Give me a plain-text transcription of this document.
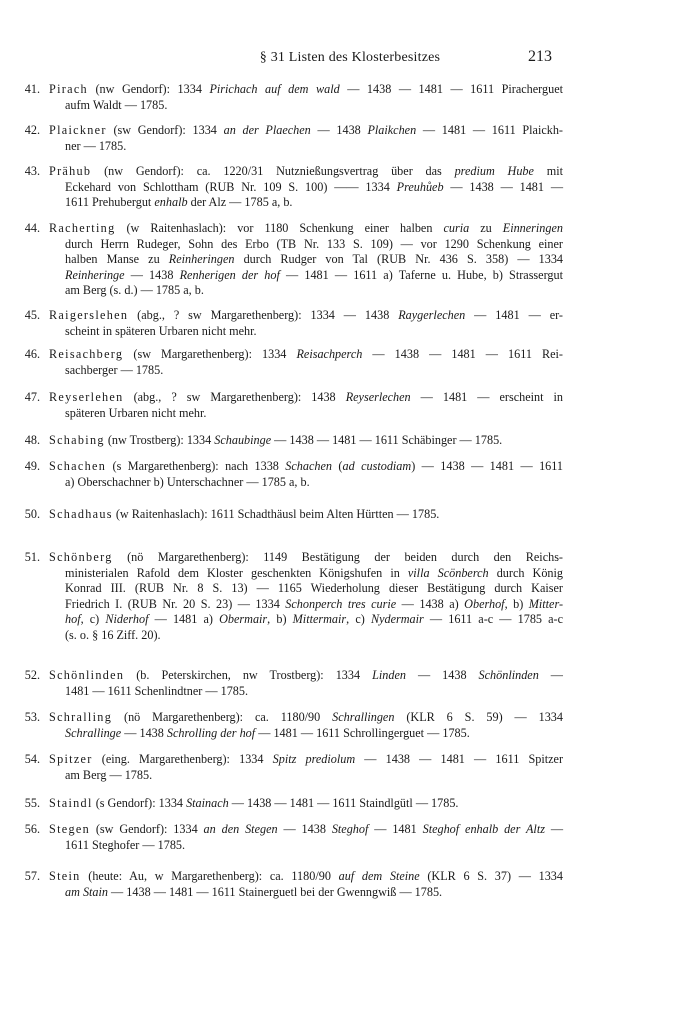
§ 31 Listen des Klosterbesitzes	213
41. Pirach (nw Gendorf): 1334 Pirichach auf dem wald — 1438 — 1481 — 1611 Piracherguet
aufm Waldt — 1785.
42. Plaickner (sw Gendorf): 1334 an der Plaechen — 1438 Plaikchen — 1481 — 1611 Plaickh-
ner — 1785.
43. Prähub (nw Gendorf): ca. 1220/31 Nutznießungsvertrag über das predium Hube mit
Eckehard von Schlottham (RUB Nr. 109 S. 100) —— 1334 Preuhůeb — 1438 — 1481 —
1611 Prehubergut enhalb der Alz — 1785 a, b.
44. Racherting (w Raitenhaslach): vor 1180 Schenkung einer halben curia zu Einneringen
durch Herrn Rudeger, Sohn des Erbo (TB Nr. 133 S. 109) — vor 1290 Schenkung einer
halben Manse zu Reinheringen durch Rudger von Tal (RUB Nr. 436 S. 358) — 1334
Reinheringe — 1438 Renherigen der hof — 1481 — 1611 a) Taferne u. Hube, b) Strassergut
am Berg (s. d.) — 1785 a, b.
45. Raigerslehen (abg., ? sw Margarethenberg): 1334 — 1438 Raygerlechen — 1481 — er-
scheint in späteren Urbaren nicht mehr.
46. Reisachberg (sw Margarethenberg): 1334 Reisachperch — 1438 — 1481 — 1611 Rei-
sachberger — 1785.
47. Reyserlehen (abg., ? sw Margarethenberg): 1438 Reyserlechen — 1481 — erscheint in
späteren Urbaren nicht mehr.
48. Schabing (nw Trostberg): 1334 Schaubinge — 1438 — 1481 — 1611 Schäbinger — 1785.
49. Schachen (s Margarethenberg): nach 1338 Schachen (ad custodiam) — 1438 — 1481 — 1611
a) Oberschachner b) Unterschachner — 1785 a, b.
50. Schadhaus (w Raitenhaslach): 1611 Schadthäusl beim Alten Hürtten — 1785.
51. Schönberg (nö Margarethenberg): 1149 Bestätigung der beiden durch den Reichs-
ministerialen Rafold dem Kloster geschenkten Königshufen in villa Scönberch durch König
Konrad III. (RUB Nr. 8 S. 13) — 1165 Wiederholung dieser Bestätigung durch Kaiser
Friedrich I. (RUB Nr. 20 S. 23) — 1334 Schonperch tres curie — 1438 a) Oberhof, b) Mitter-
hof, c) Niderhof — 1481 a) Obermair, b) Mittermair, c) Nydermair — 1611 a-c — 1785 a-c
(s. o. § 16 Ziff. 20).
52. Schönlinden (b. Peterskirchen, nw Trostberg): 1334 Linden — 1438 Schönlinden —
1481 — 1611 Schenlindtner — 1785.
53. Schralling (nö Margarethenberg): ca. 1180/90 Schrallingen (KLR 6 S. 59) — 1334
Schrallinge — 1438 Schrolling der hof — 1481 — 1611 Schrollingerguet — 1785.
54. Spitzer (eing. Margarethenberg): 1334 Spitz prediolum — 1438 — 1481 — 1611 Spitzer
am Berg — 1785.
55. Staindl (s Gendorf): 1334 Stainach — 1438 — 1481 — 1611 Staindlgütl — 1785.
56. Stegen (sw Gendorf): 1334 an den Stegen — 1438 Steghof — 1481 Steghof enhalb der Altz —
1611 Steghofer — 1785.
57. Stein (heute: Au, w Margarethenberg): ca. 1180/90 auf dem Steine (KLR 6 S. 37) — 1334
am Stain — 1438 — 1481 — 1611 Stainerguetl bei der Gwenngwiß — 1785.
